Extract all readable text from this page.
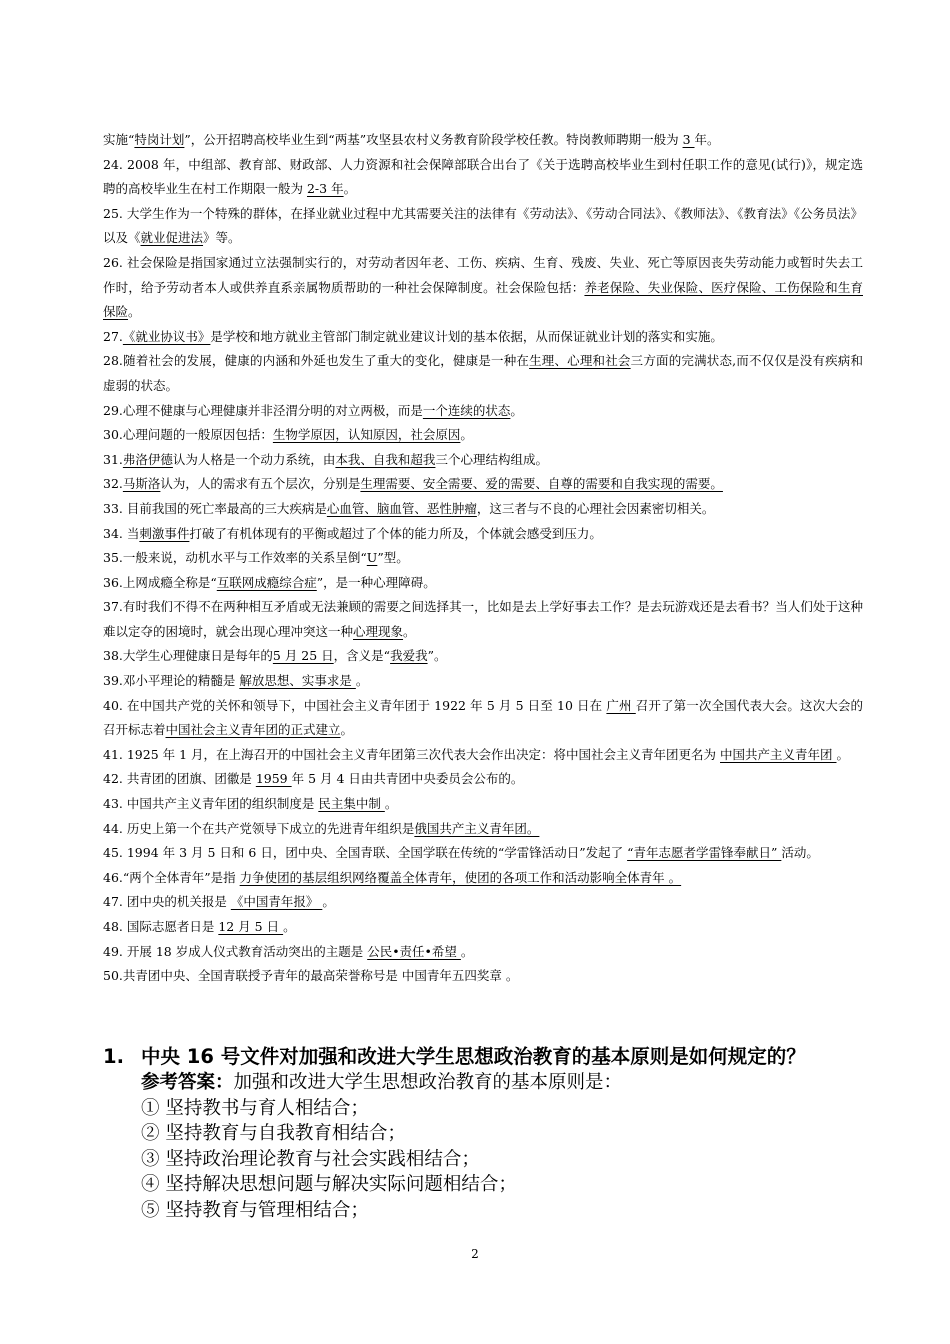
实施“特岗计划”，公开招聘高校毕业生到“两基”攻坚县农村义务教育阶段学校任教。特岗教师聘期一般为 3 年。

24. 2008 年，中组部、教育部、财政部、人力资源和社会保障部联合出台了《关于选聘高校毕业生到村任职工作的意见(试行)》，规定选聘的高校毕业生在村工作期限一般为 2-3 年。

25. 大学生作为一个特殊的群体，在择业就业过程中尤其需要关注的法律有《劳动法》、《劳动合同法》、《教师法》、《教育法》《公务员法》以及《就业促进法》等。

26. 社会保险是指国家通过立法强制实行的，对劳动者因年老、工伤、疾病、生育、残废、失业、死亡等原因丧失劳动能力或暂时失去工作时，给予劳动者本人或供养直系亲属物质帮助的一种社会保障制度。社会保险包括：养老保险、失业保险、医疗保险、工伤保险和生育保险。

27.《就业协议书》是学校和地方就业主管部门制定就业建议计划的基本依据，从而保证就业计划的落实和实施。

28.随着社会的发展，健康的内涵和外延也发生了重大的变化，健康是一种在生理、心理和社会三方面的完满状态,而不仅仅是没有疾病和虚弱的状态。

29.心理不健康与心理健康并非泾渭分明的对立两极，而是一个连续的状态。

30.心理问题的一般原因包括：生物学原因，认知原因，社会原因。

31.弗洛伊德认为人格是一个动力系统，由本我、自我和超我三个心理结构组成。

32.马斯洛认为，人的需求有五个层次，分别是生理需要、安全需要、爱的需要、自尊的需要和自我实现的需要。

33. 目前我国的死亡率最高的三大疾病是心血管、脑血管、恶性肿瘤，这三者与不良的心理社会因素密切相关。

34. 当刺激事件打破了有机体现有的平衡或超过了个体的能力所及，个体就会感受到压力。

35.一般来说，动机水平与工作效率的关系呈倒“U”型。

36.上网成瘾全称是“互联网成瘾综合症”，是一种心理障碍。

37.有时我们不得不在两种相互矛盾或无法兼顾的需要之间选择其一，比如是去上学好事去工作？是去玩游戏还是去看书？当人们处于这种难以定夺的困境时，就会出现心理冲突这一种心理现象。

38.大学生心理健康日是每年的5 月 25 日，含义是“我爱我”。

39.邓小平理论的精髓是 解放思想、实事求是 。

40. 在中国共产党的关怀和领导下，中国社会主义青年团于 1922 年 5 月 5 日至 10 日在 广州 召开了第一次全国代表大会。这次大会的召开标志着中国社会主义青年团的正式建立。

41. 1925 年 1 月，在上海召开的中国社会主义青年团第三次代表大会作出决定：将中国社会主义青年团更名为 中国共产主义青年团 。

42. 共青团的团旗、团徽是 1959 年 5 月 4 日由共青团中央委员会公布的。

43. 中国共产主义青年团的组织制度是 民主集中制 。

44. 历史上第一个在共产党领导下成立的先进青年组织是俄国共产主义青年团。

45. 1994 年 3 月 5 日和 6 日，团中央、全国青联、全国学联在传统的“学雷锋活动日”发起了 “青年志愿者学雷锋奉献日” 活动。

46.“两个全体青年”是指 力争使团的基层组织网络覆盖全体青年，使团的各项工作和活动影响全体青年 。

47. 团中央的机关报是 《中国青年报》 。

48. 国际志愿者日是 12 月 5 日 。

49. 开展 18 岁成人仪式教育活动突出的主题是 公民•责任•希望 。

50.共青团中央、全国青联授予青年的最高荣誉称号是 中国青年五四奖章 。

1. 中央 16 号文件对加强和改进大学生思想政治教育的基本原则是如何规定的？

参考答案：加强和改进大学生思想政治教育的基本原则是：

① 坚持教书与育人相结合；

② 坚持教育与自我教育相结合；

③ 坚持政治理论教育与社会实践相结合；

④ 坚持解决思想问题与解决实际问题相结合；

⑤ 坚持教育与管理相结合；

2
